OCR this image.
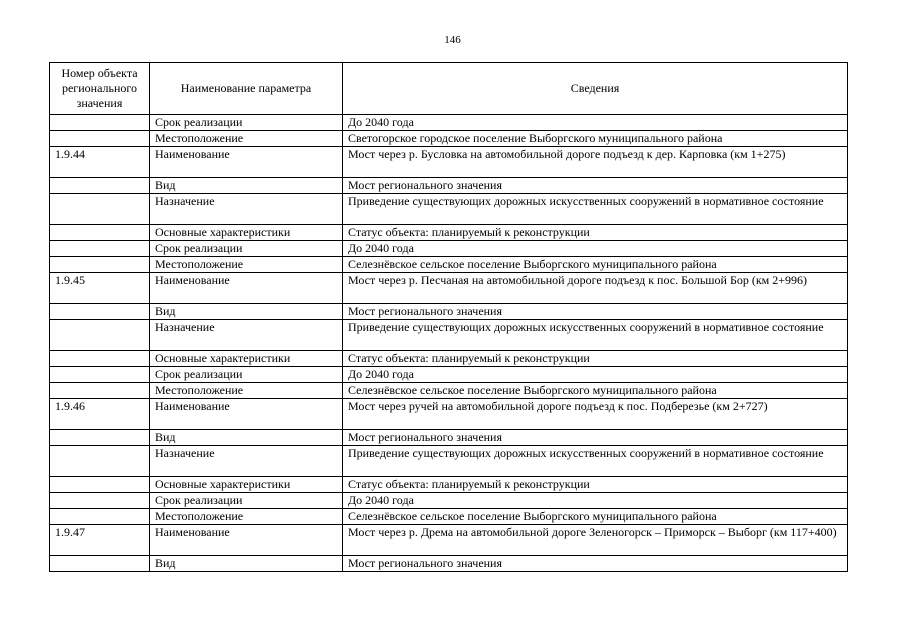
146
Номер объекта регионального значения	Наименование параметра	Сведения
	Срок реализации	До 2040 года
	Местоположение	Светогорское городское поселение Выборгского муниципального района
1.9.44	Наименование	Мост через р. Бусловка на автомобильной дороге подъезд к дер. Карповка (км 1+275)
	Вид	Мост регионального значения
	Назначение	Приведение существующих дорожных искусственных сооружений в нормативное состояние
	Основные характеристики	Статус объекта: планируемый к реконструкции
	Срок реализации	До 2040 года
	Местоположение	Селезнёвское сельское поселение Выборгского муниципального района
1.9.45	Наименование	Мост через р. Песчаная на автомобильной дороге подъезд к пос. Большой Бор (км 2+996)
	Вид	Мост регионального значения
	Назначение	Приведение существующих дорожных искусственных сооружений в нормативное состояние
	Основные характеристики	Статус объекта: планируемый к реконструкции
	Срок реализации	До 2040 года
	Местоположение	Селезнёвское сельское поселение Выборгского муниципального района
1.9.46	Наименование	Мост через ручей на автомобильной дороге подъезд к пос. Подберезье (км 2+727)
	Вид	Мост регионального значения
	Назначение	Приведение существующих дорожных искусственных сооружений в нормативное состояние
	Основные характеристики	Статус объекта: планируемый к реконструкции
	Срок реализации	До 2040 года
	Местоположение	Селезнёвское сельское поселение Выборгского муниципального района
1.9.47	Наименование	Мост через р. Дрема на автомобильной дороге Зеленогорск – Приморск – Выборг (км 117+400)
	Вид	Мост регионального значения
